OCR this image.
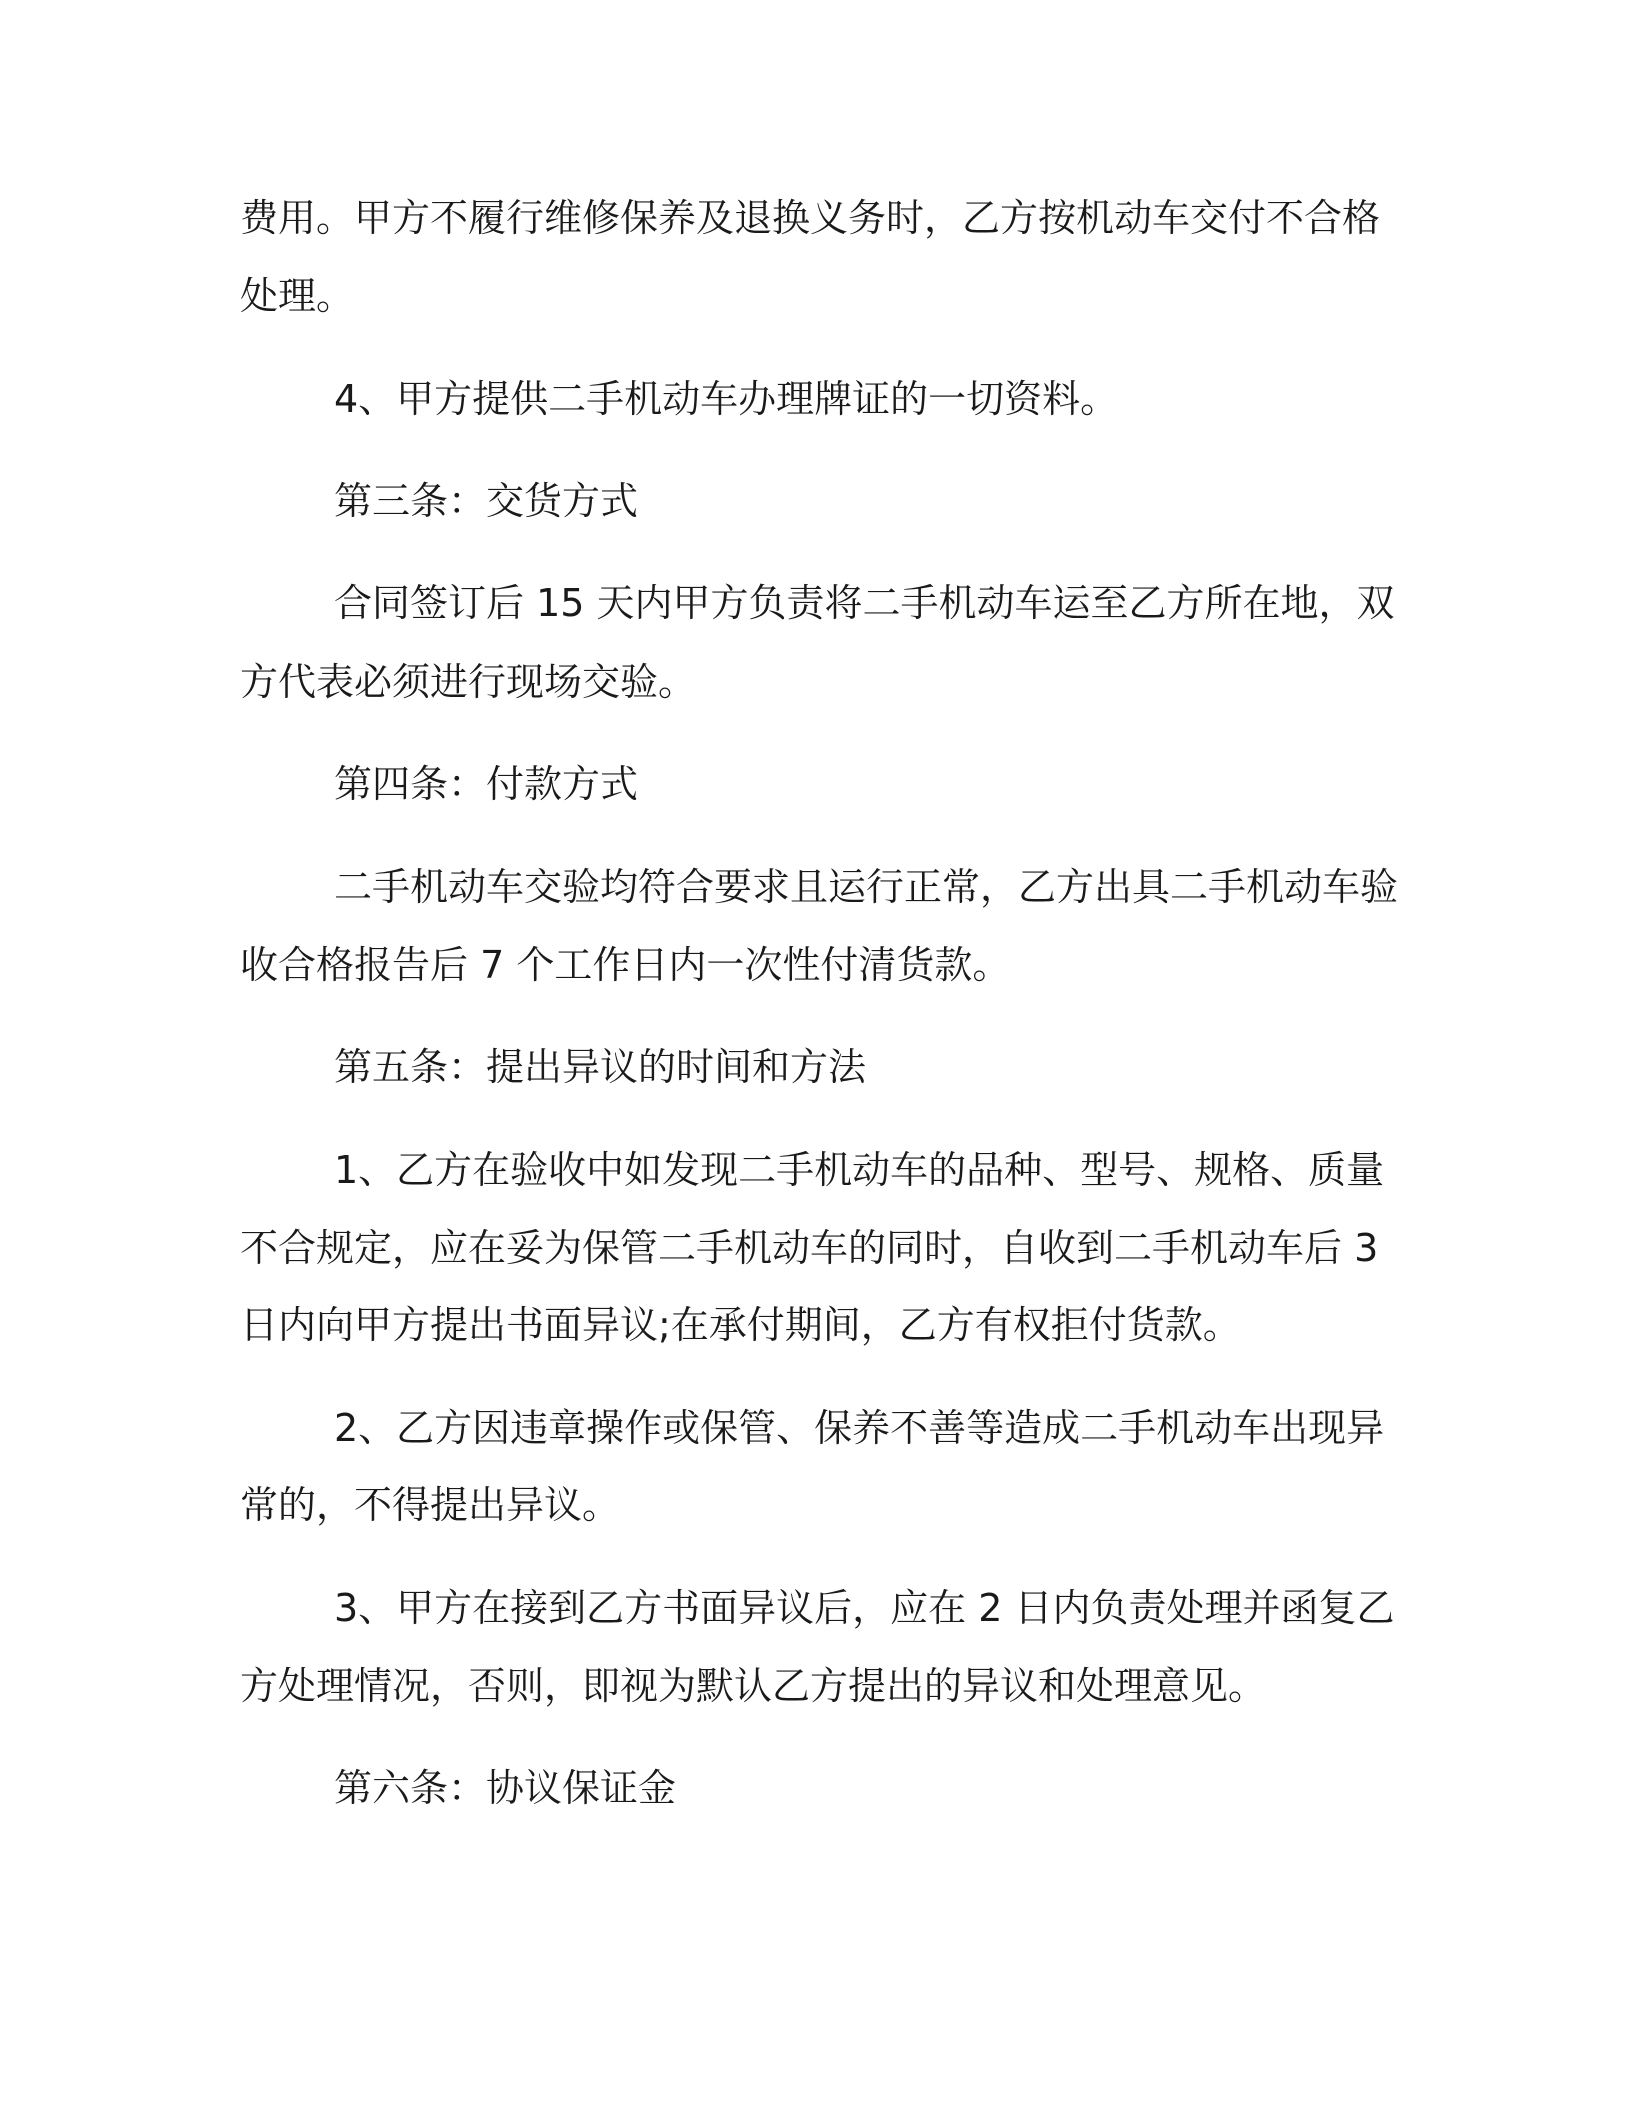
费用。甲方不履行维修保养及退换义务时，乙方按机动车交付不合格
处理。
4、甲方提供二手机动车办理牌证的一切资料。
第三条：交货方式
合同签订后 15 天内甲方负责将二手机动车运至乙方所在地，双
方代表必须进行现场交验。
第四条：付款方式
二手机动车交验均符合要求且运行正常，乙方出具二手机动车验
收合格报告后 7 个工作日内一次性付清货款。
第五条：提出异议的时间和方法
1、乙方在验收中如发现二手机动车的品种、型号、规格、质量
不合规定，应在妥为保管二手机动车的同时，自收到二手机动车后 3
日内向甲方提出书面异议;在承付期间，乙方有权拒付货款。
2、乙方因违章操作或保管、保养不善等造成二手机动车出现异
常的，不得提出异议。
3、甲方在接到乙方书面异议后，应在 2 日内负责处理并函复乙
方处理情况，否则，即视为默认乙方提出的异议和处理意见。
第六条：协议保证金
